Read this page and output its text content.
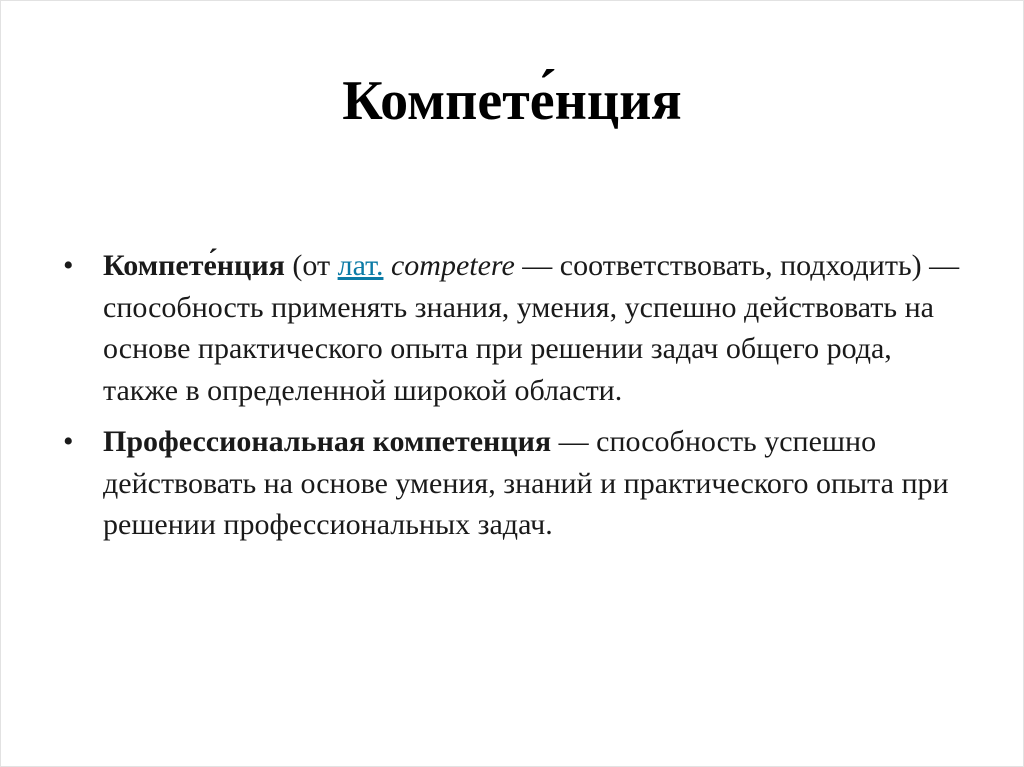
Компете́нция
• Компете́нция (от лат. competere — соответствовать, подходить) — способность применять знания, умения, успешно действовать на основе практического опыта при решении задач общего рода, также в определенной широкой области.
• Профессиональная компетенция — способность успешно действовать на основе умения, знаний и практического опыта при решении профессиональных задач.
